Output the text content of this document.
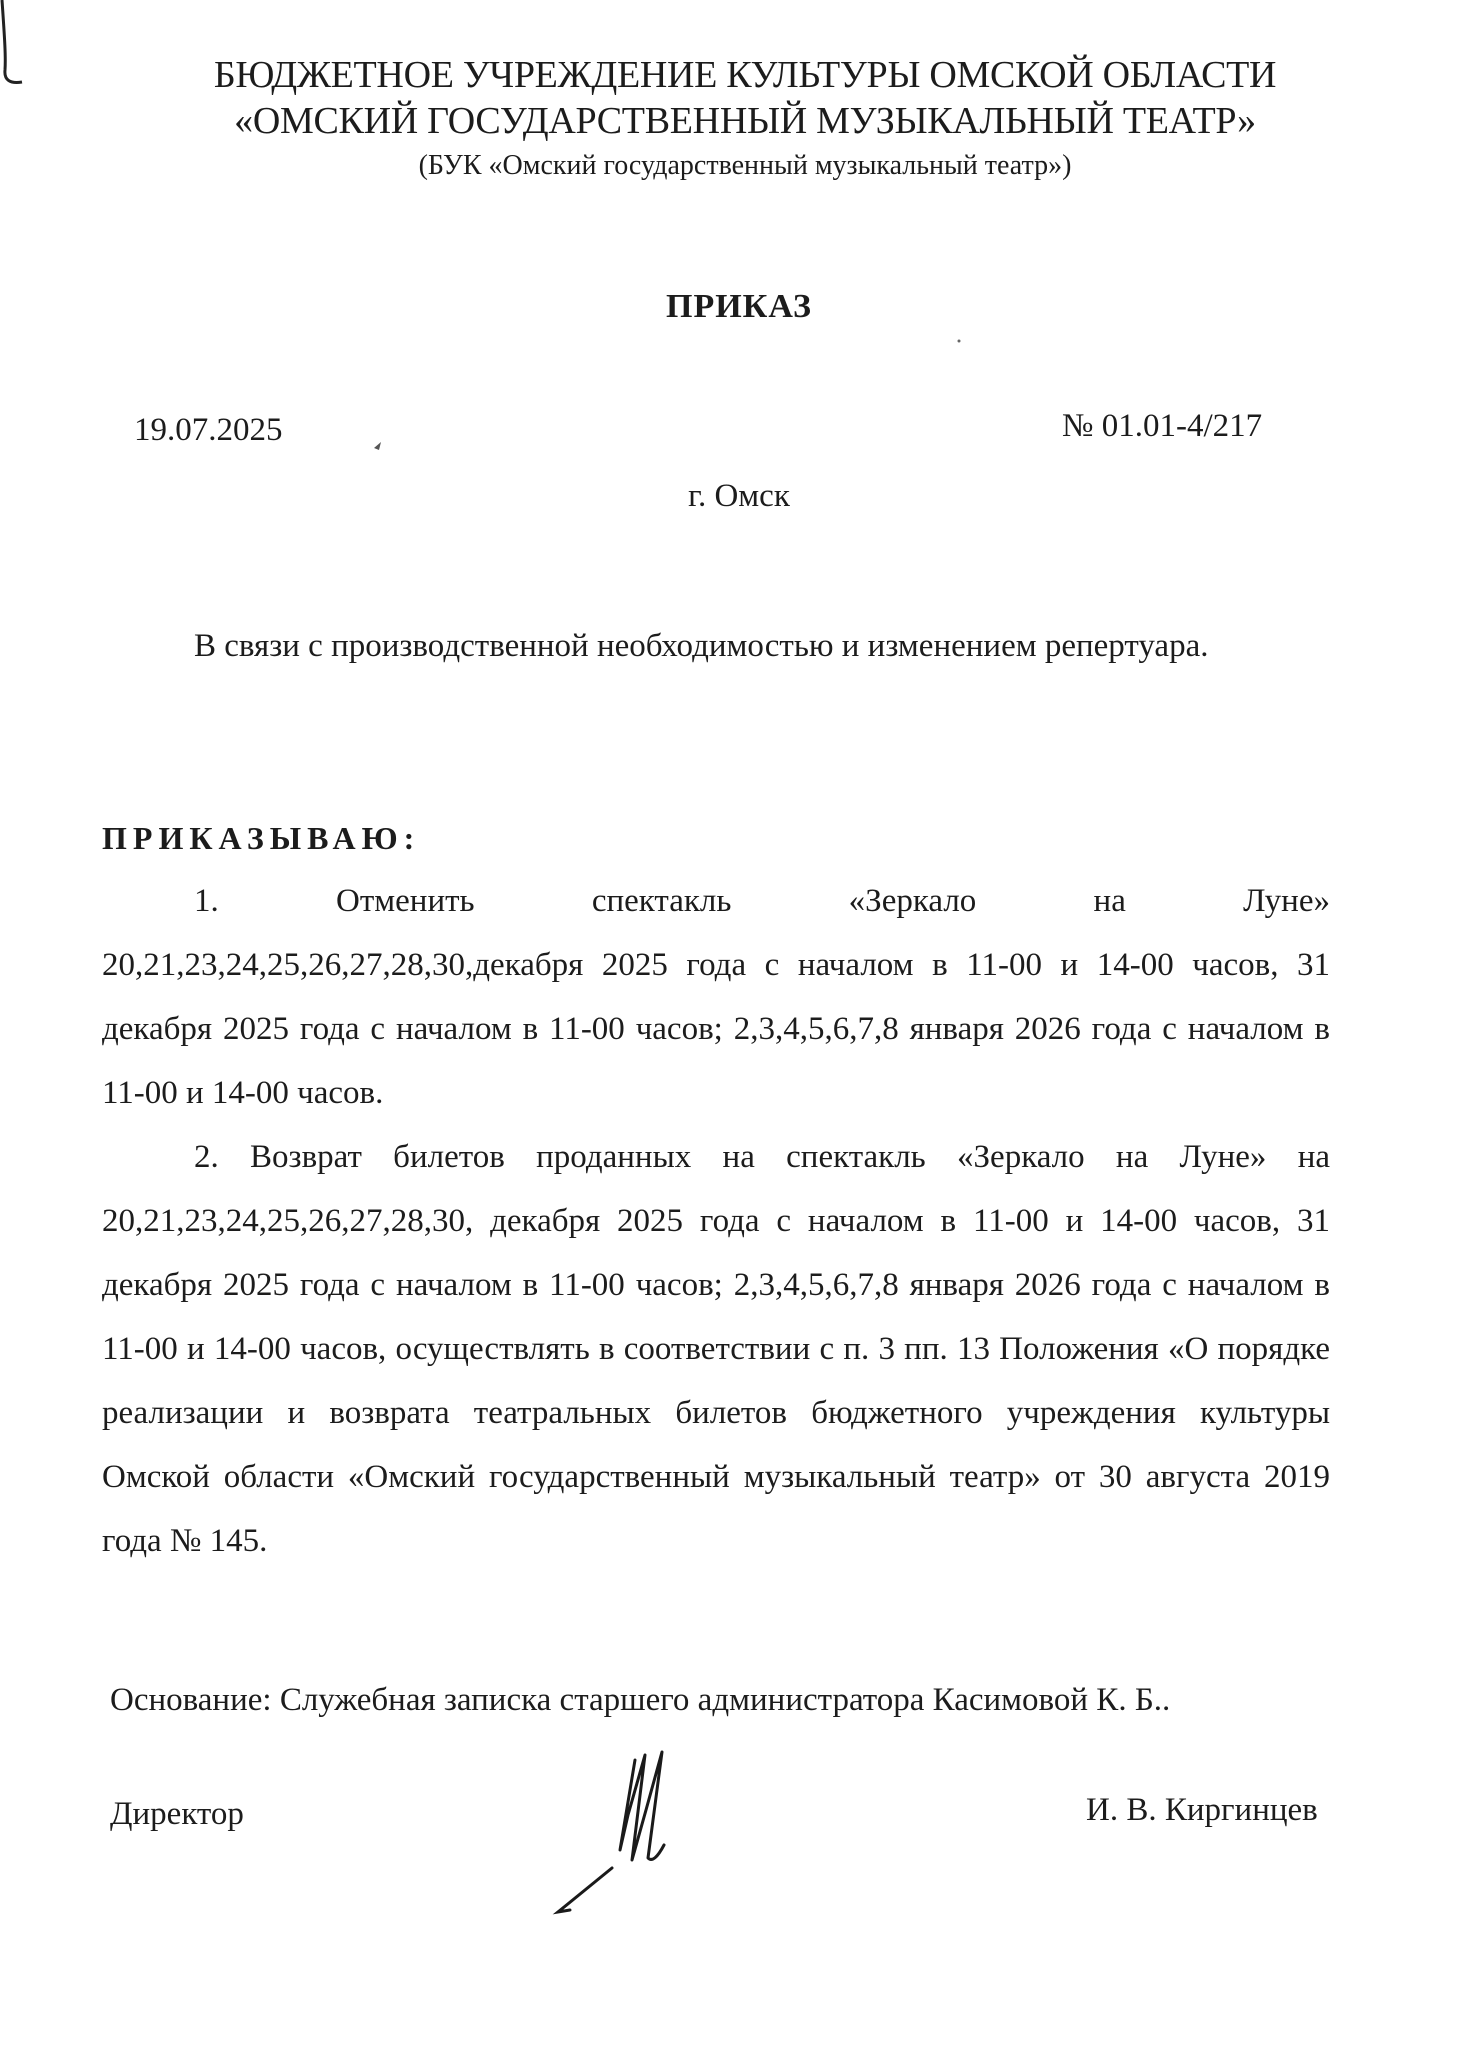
БЮДЖЕТНОЕ УЧРЕЖДЕНИЕ КУЛЬТУРЫ ОМСКОЙ ОБЛАСТИ
«ОМСКИЙ ГОСУДАРСТВЕННЫЙ МУЗЫКАЛЬНЫЙ ТЕАТР»
(БУК «Омский государственный музыкальный театр»)
ПРИКАЗ
19.07.2025	№ 01.01-4/217
г. Омск
В связи с производственной необходимостью и изменением репертуара.
ПРИКАЗЫВАЮ:

1. Отменить спектакль «Зеркало на Луне»

20,21,23,24,25,26,27,28,30,декабря 2025 года с началом в 11-00 и 14-00 часов, 31 декабря 2025 года с началом в 11-00 часов; 2,3,4,5,6,7,8 января 2026 года с началом в 11-00 и 14-00 часов.

2. Возврат билетов проданных на спектакль «Зеркало на Луне» на

20,21,23,24,25,26,27,28,30, декабря 2025 года с началом в 11-00 и 14-00 часов, 31 декабря 2025 года с началом в 11-00 часов; 2,3,4,5,6,7,8 января 2026 года с началом в 11-00 и 14-00 часов, осуществлять в соответствии с п. 3 пп. 13 Положения «О порядке реализации и возврата театральных билетов бюджетного учреждения культуры Омской области «Омский государственный музыкальный театр» от 30 августа 2019 года № 145.

Основание: Служебная записка старшего администратора Касимовой К. Б..
Директор	И. В. Киргинцев
